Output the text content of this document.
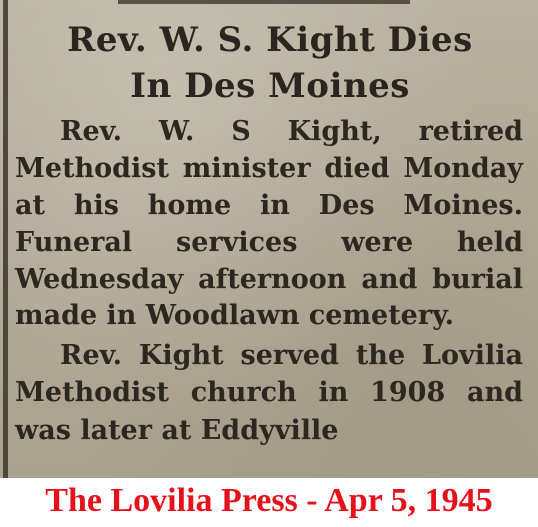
Rev. W. S. Kight Dies
In Des Moines
Rev. W. S Kight, retired
Methodist minister died Monday
at his home in Des Moines.
Funeral services were held
Wednesday afternoon and burial
made in Woodlawn cemetery.
Rev. Kight served the Lovilia
Methodist church in 1908 and
was later at Eddyville
The Lovilia Press - Apr 5, 1945
